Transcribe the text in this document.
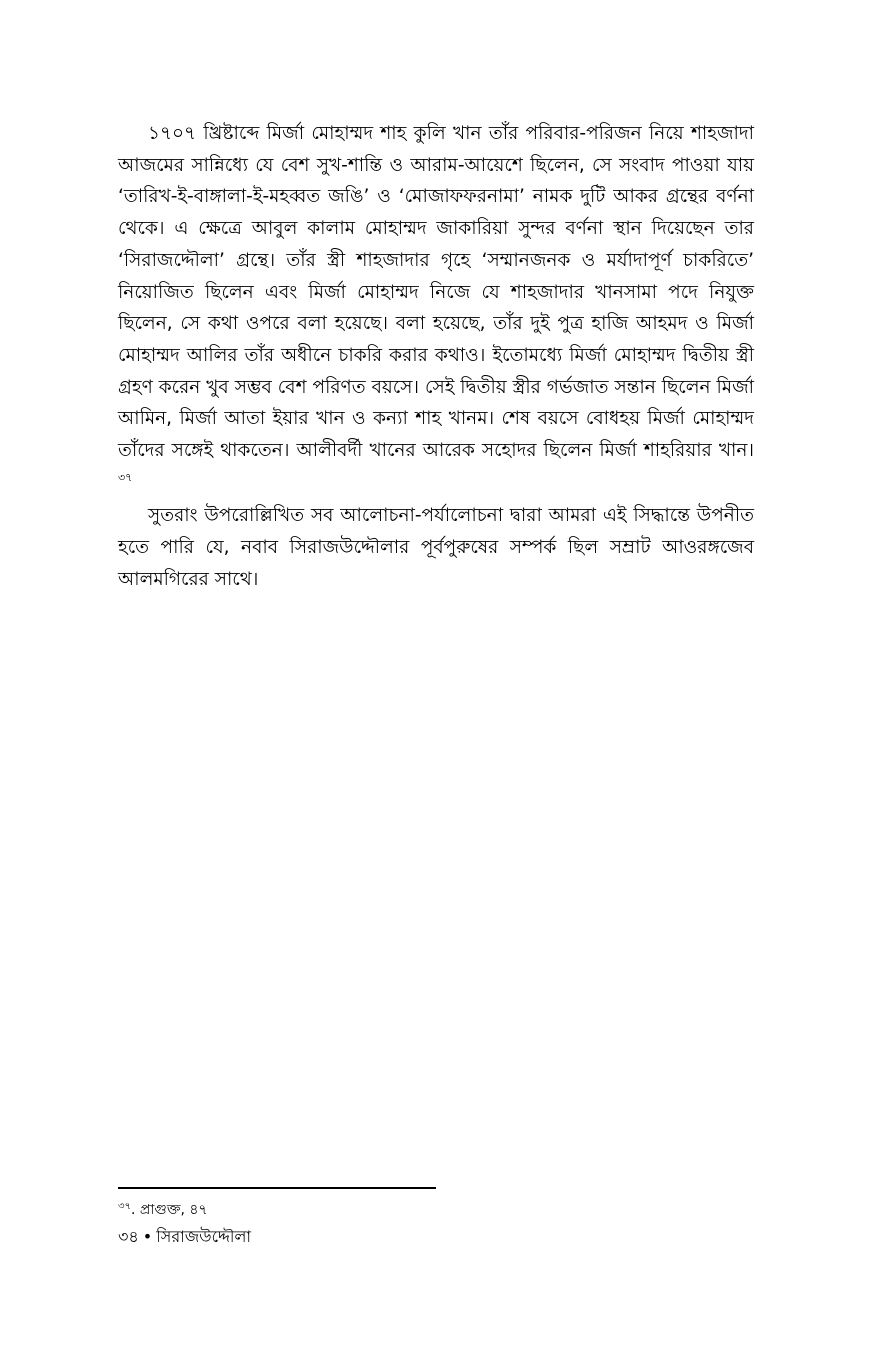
১৭০৭ খ্রিষ্টাব্দে মির্জা মোহাম্মদ শাহ কুলি খান তাঁর পরিবার-পরিজন নিয়ে শাহজাদা আজমের সান্নিধ্যে যে বেশ সুখ-শান্তি ও আরাম-আয়েশে ছিলেন, সে সংবাদ পাওয়া যায় ‘তারিখ-ই-বাঙ্গালা-ই-মহব্বত জঙি’ ও ‘মোজাফফরনামা’ নামক দুটি আকর গ্রন্থের বর্ণনা থেকে। এ ক্ষেত্রে আবুল কালাম মোহাম্মদ জাকারিয়া সুন্দর বর্ণনা স্থান দিয়েছেন তার ‘সিরাজদ্দৌলা’ গ্রন্থে। তাঁর স্ত্রী শাহজাদার গৃহে ‘সম্মানজনক ও মর্যাদাপূর্ণ চাকরিতে’ নিয়োজিত ছিলেন এবং মির্জা মোহাম্মদ নিজে যে শাহজাদার খানসামা পদে নিযুক্ত ছিলেন, সে কথা ওপরে বলা হয়েছে। বলা হয়েছে, তাঁর দুই পুত্র হাজি আহমদ ও মির্জা মোহাম্মদ আলির তাঁর অধীনে চাকরি করার কথাও। ইতোমধ্যে মির্জা মোহাম্মদ দ্বিতীয় স্ত্রী গ্রহণ করেন খুব সম্ভব বেশ পরিণত বয়সে। সেই দ্বিতীয় স্ত্রীর গর্ভজাত সন্তান ছিলেন মির্জা আমিন, মির্জা আতা ইয়ার খান ও কন্যা শাহ খানম। শেষ বয়সে বোধহয় মির্জা মোহাম্মদ তাঁদের সঙ্গেই থাকতেন। আলীবর্দী খানের আরেক সহোদর ছিলেন মির্জা শাহরিয়ার খান।$^{৩৭}$

সুতরাং উপরোল্লিখিত সব আলোচনা-পর্যালোচনা দ্বারা আমরা এই সিদ্ধান্তে উপনীত হতে পারি যে, নবাব সিরাজউদ্দৌলার পূর্বপুরুষের সম্পর্ক ছিল সম্রাট আওরঙ্গজেব আলমগিরের সাথে।

$^{৩৭}$. প্রাগুক্ত, ৪৭
৩৪ • সিরাজউদ্দৌলা
